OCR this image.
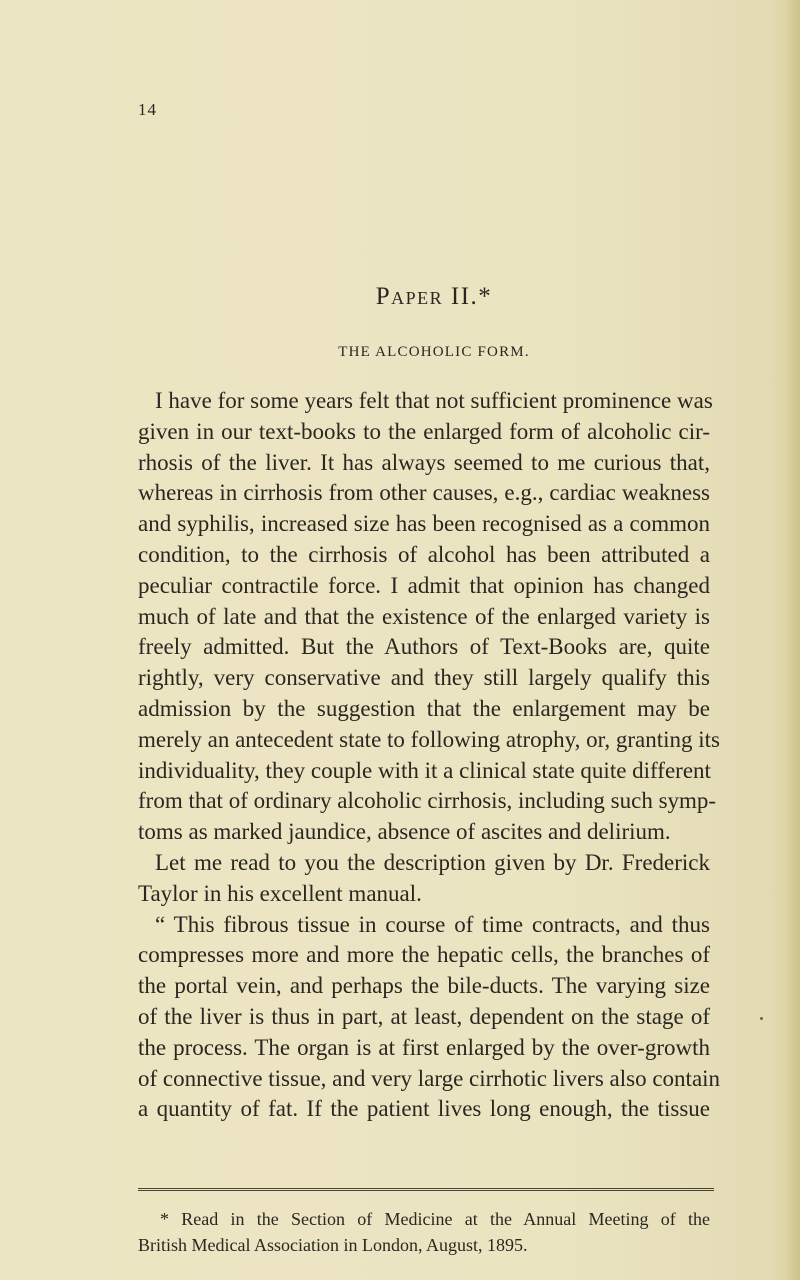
14
Paper II.*
THE ALCOHOLIC FORM.
I have for some years felt that not sufficient prominence was
given in our text-books to the enlarged form of alcoholic cir-
rhosis of the liver. It has always seemed to me curious that,
whereas in cirrhosis from other causes, e.g., cardiac weakness
and syphilis, increased size has been recognised as a common
condition, to the cirrhosis of alcohol has been attributed a
peculiar contractile force. I admit that opinion has changed
much of late and that the existence of the enlarged variety is
freely admitted. But the Authors of Text-Books are, quite
rightly, very conservative and they still largely qualify this
admission by the suggestion that the enlargement may be
merely an antecedent state to following atrophy, or, granting its
individuality, they couple with it a clinical state quite different
from that of ordinary alcoholic cirrhosis, including such symp-
toms as marked jaundice, absence of ascites and delirium.
Let me read to you the description given by Dr. Frederick
Taylor in his excellent manual.
“ This fibrous tissue in course of time contracts, and thus
compresses more and more the hepatic cells, the branches of
the portal vein, and perhaps the bile-ducts. The varying size
of the liver is thus in part, at least, dependent on the stage of
the process. The organ is at first enlarged by the over-growth
of connective tissue, and very large cirrhotic livers also contain
a quantity of fat. If the patient lives long enough, the tissue
* Read in the Section of Medicine at the Annual Meeting of the
British Medical Association in London, August, 1895.
